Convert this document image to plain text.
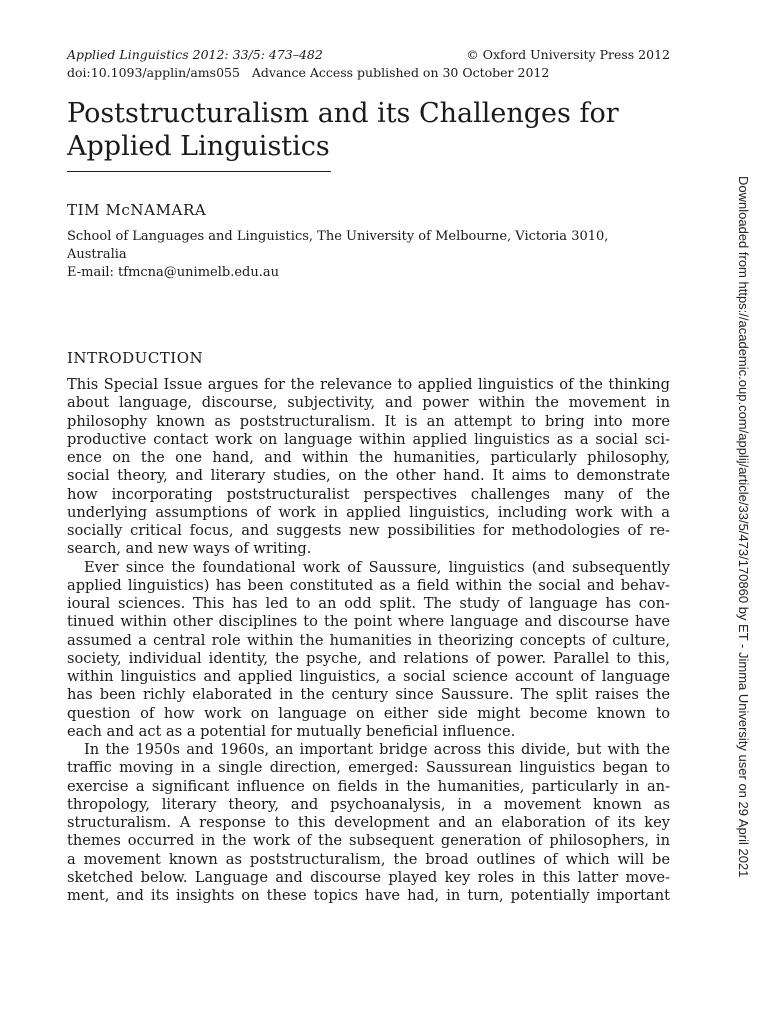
Applied Linguistics 2012: 33/5: 473–482	© Oxford University Press 2012
doi:10.1093/applin/ams055   Advance Access published on 30 October 2012
Poststructuralism and its Challenges for
Applied Linguistics
TIM McNAMARA
School of Languages and Linguistics, The University of Melbourne, Victoria 3010,
Australia
E-mail: tfmcna@unimelb.edu.au
INTRODUCTION
This Special Issue argues for the relevance to applied linguistics of the thinking
about language, discourse, subjectivity, and power within the movement in
philosophy known as poststructuralism. It is an attempt to bring into more
productive contact work on language within applied linguistics as a social sci-
ence on the one hand, and within the humanities, particularly philosophy,
social theory, and literary studies, on the other hand. It aims to demonstrate
how incorporating poststructuralist perspectives challenges many of the
underlying assumptions of work in applied linguistics, including work with a
socially critical focus, and suggests new possibilities for methodologies of re-
search, and new ways of writing.
Ever since the foundational work of Saussure, linguistics (and subsequently
applied linguistics) has been constituted as a field within the social and behav-
ioural sciences. This has led to an odd split. The study of language has con-
tinued within other disciplines to the point where language and discourse have
assumed a central role within the humanities in theorizing concepts of culture,
society, individual identity, the psyche, and relations of power. Parallel to this,
within linguistics and applied linguistics, a social science account of language
has been richly elaborated in the century since Saussure. The split raises the
question of how work on language on either side might become known to
each and act as a potential for mutually beneficial influence.
In the 1950s and 1960s, an important bridge across this divide, but with the
traffic moving in a single direction, emerged: Saussurean linguistics began to
exercise a significant influence on fields in the humanities, particularly in an-
thropology, literary theory, and psychoanalysis, in a movement known as
structuralism. A response to this development and an elaboration of its key
themes occurred in the work of the subsequent generation of philosophers, in
a movement known as poststructuralism, the broad outlines of which will be
sketched below. Language and discourse played key roles in this latter move-
ment, and its insights on these topics have had, in turn, potentially important
Downloaded from https://academic.oup.com/applij/article/33/5/473/170860 by ET - Jimma University user on 29 April 2021
